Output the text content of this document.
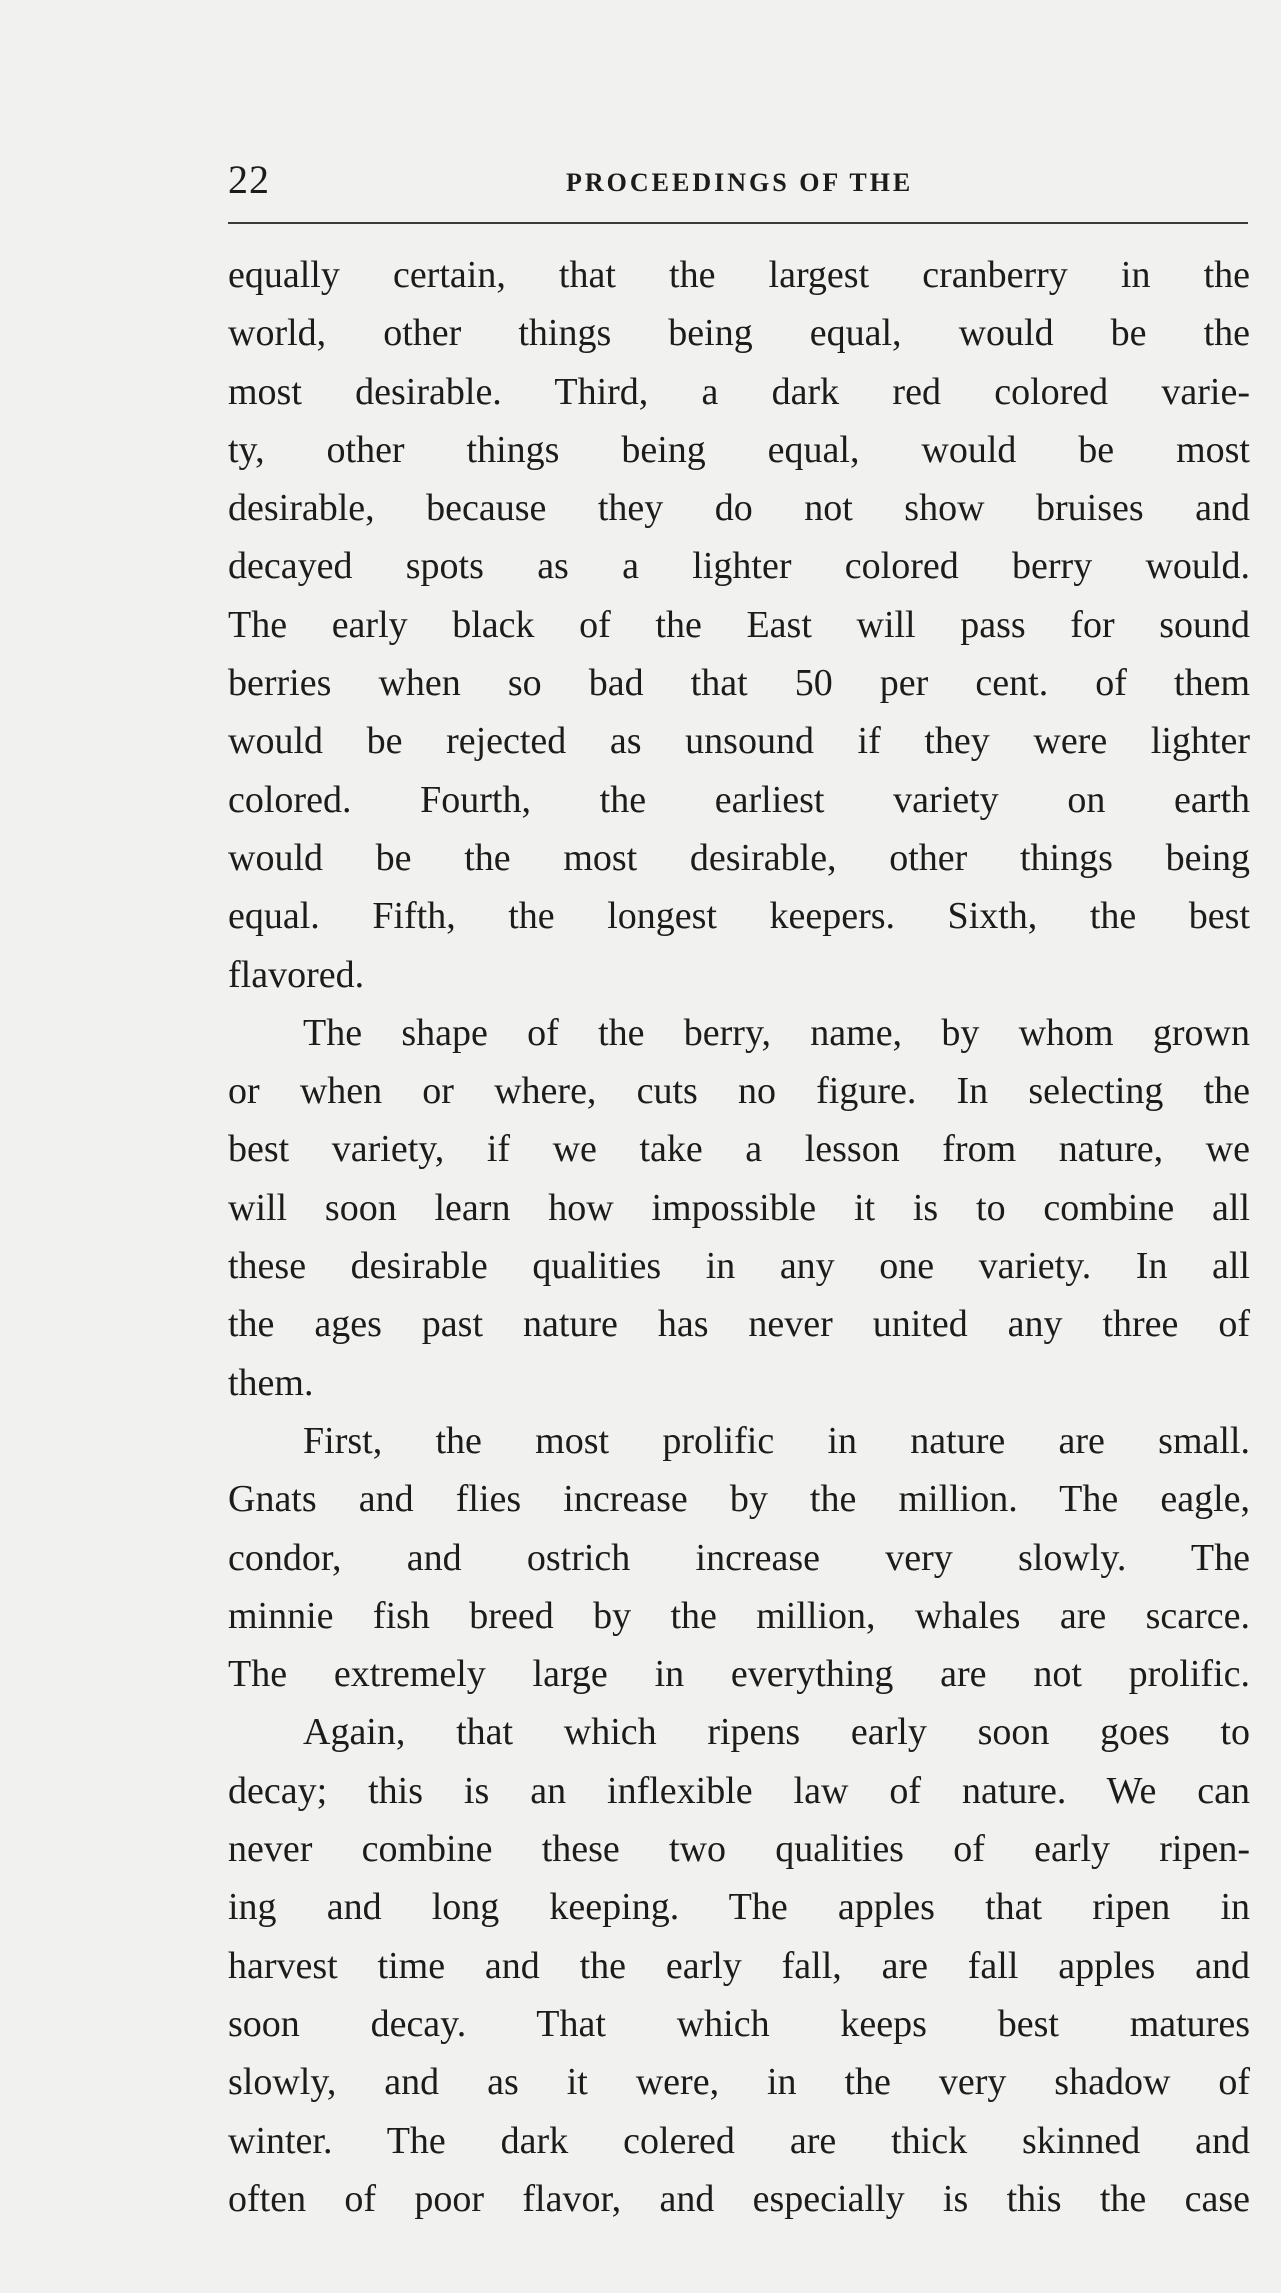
22	PROCEEDINGS OF THE
equally certain, that the largest cranberry in the
world, other things being equal, would be the
most desirable. Third, a dark red colored varie-
ty, other things being equal, would be most
desirable, because they do not show bruises and
decayed spots as a lighter colored berry would.
The early black of the East will pass for sound
berries when so bad that 50 per cent. of them
would be rejected as unsound if they were lighter
colored. Fourth, the earliest variety on earth
would be the most desirable, other things being
equal. Fifth, the longest keepers. Sixth, the best
flavored.
The shape of the berry, name, by whom grown
or when or where, cuts no figure. In selecting the
best variety, if we take a lesson from nature, we
will soon learn how impossible it is to combine all
these desirable qualities in any one variety. In all
the ages past nature has never united any three of
them.
First, the most prolific in nature are small.
Gnats and flies increase by the million. The eagle,
condor, and ostrich increase very slowly. The
minnie fish breed by the million, whales are scarce.
The extremely large in everything are not prolific.
Again, that which ripens early soon goes to
decay; this is an inflexible law of nature. We can
never combine these two qualities of early ripen-
ing and long keeping. The apples that ripen in
harvest time and the early fall, are fall apples and
soon decay. That which keeps best matures
slowly, and as it were, in the very shadow of
winter. The dark colered are thick skinned and
often of poor flavor, and especially is this the case
